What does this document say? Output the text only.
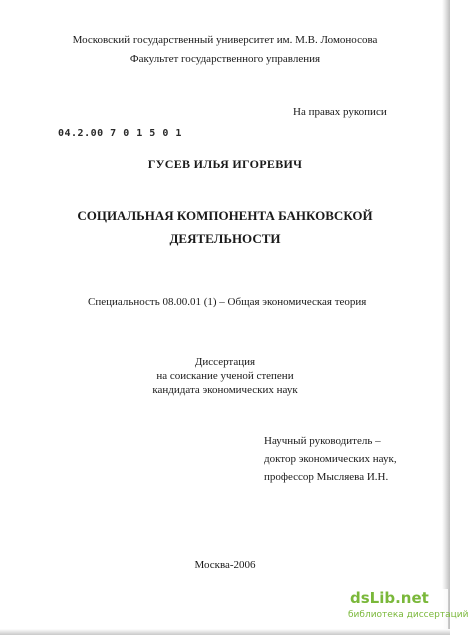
Московский государственный университет им. М.В. Ломоносова
Факультет государственного управления
На правах рукописи
04.2.00 7 0 1 5 0 1
ГУСЕВ ИЛЬЯ ИГОРЕВИЧ
СОЦИАЛЬНАЯ КОМПОНЕНТА БАНКОВСКОЙ
ДЕЯТЕЛЬНОСТИ
Специальность 08.00.01 (1) – Общая экономическая теория
Диссертация
на соискание ученой степени
кандидата экономических наук
Научный руководитель –
доктор экономических наук,
профессор Мысляева И.Н.
Москва-2006
dsLib.net
библиотека диссертаций
